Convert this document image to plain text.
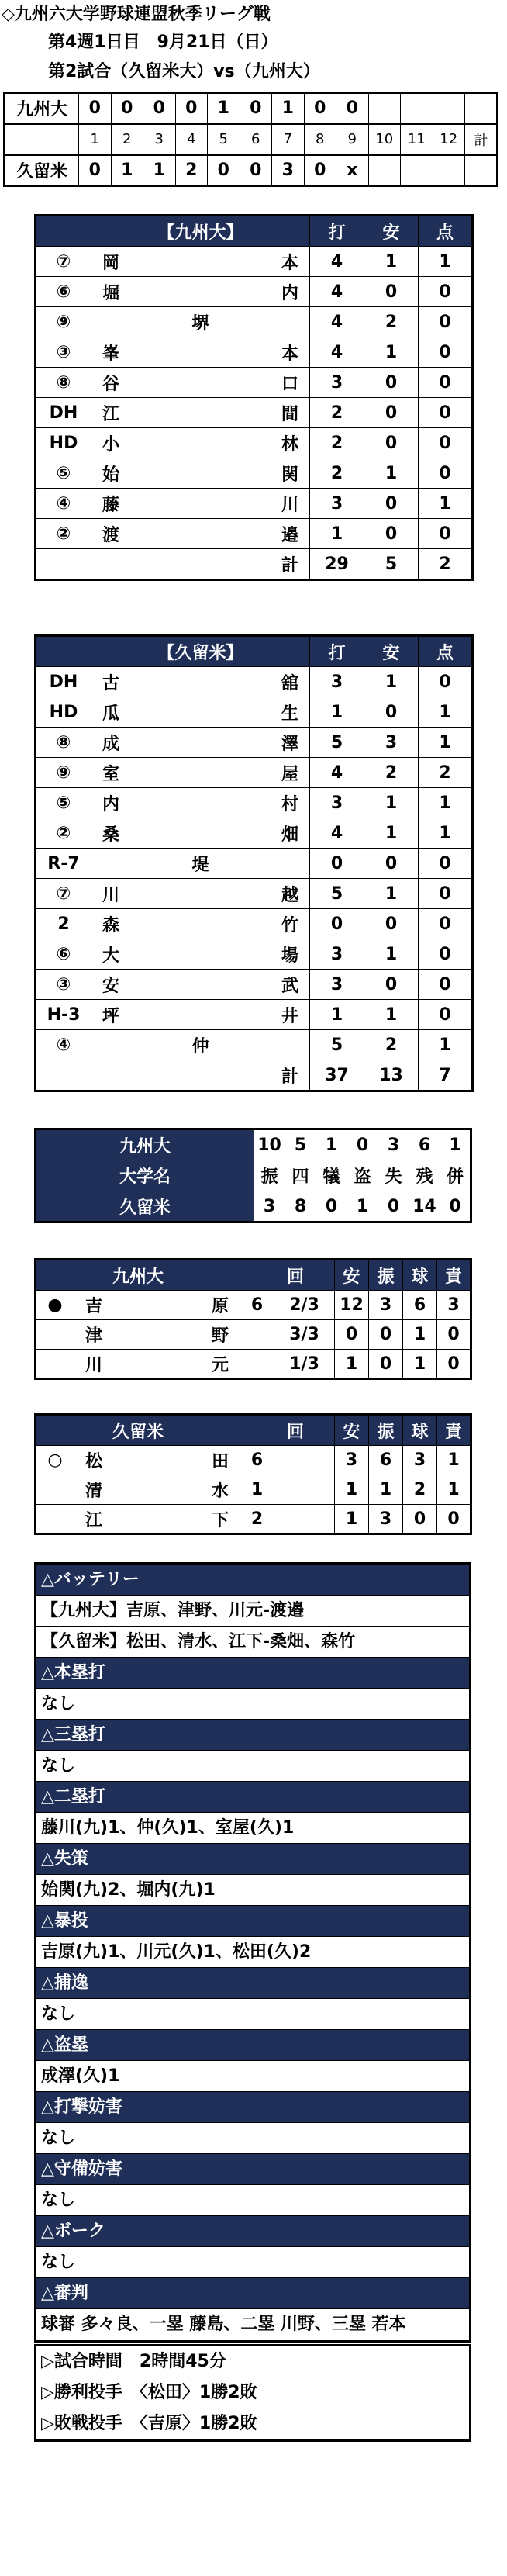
◇九州六大学野球連盟秋季リーグ戦
第4週1日目　9月21日（日）
第2試合（久留米大）vs（九州大）
九州大	0	0	0	0	1	0	1	0	0					
	1	2	3	4	5	6	7	8	9	10	11	12	計	
久留米	0	1	1	2	0	0	3	0	x					
	【九州大】	打	安	点
⑦	岡 本	4	1	1
⑥	堀 内	4	0	0
⑨	堺	4	2	0
③	峯 本	4	1	0
⑧	谷 口	3	0	0
DH	江 間	2	0	0
HD	小 林	2	0	0
⑤	始 関	2	1	0
④	藤 川	3	0	1
②	渡 邉	1	0	0
	計	29	5	2
	【久留米】	打	安	点
DH	古 舘	3	1	0
HD	瓜 生	1	0	1
⑧	成 澤	5	3	1
⑨	室 屋	4	2	2
⑤	内 村	3	1	1
②	桑 畑	4	1	1
R-7	堤	0	0	0
⑦	川 越	5	1	0
2	森 竹	0	0	0
⑥	大 場	3	1	0
③	安 武	3	0	0
H-3	坪 井	1	1	0
④	仲	5	2	1
	計	37	13	7
九州大	10	5	1	0	3	6	1
大学名	振	四	犠	盗	失	残	併
久留米	3	8	0	1	0	14	0
九州大		回		安	振	球	責
●	吉 原	6	2/3	12	3	6	3

	津 野		3/3	0	0	1	0

	川 元		1/3	1	0	1	0
久留米		回		安	振	球	責
○	松 田	6		3	6	3	1

	清 水	1		1	1	2	1

	江 下	2		1	3	0	0
△バッテリー
【九州大】吉原、津野、川元-渡邉
【久留米】松田、清水、江下-桑畑、森竹
△本塁打
なし
△三塁打
なし
△二塁打
藤川(九)1、仲(久)1、室屋(久)1
△失策
始関(九)2、堀内(九)1
△暴投
吉原(九)1、川元(久)1、松田(久)2
△捕逸
なし
△盗塁
成澤(久)1
△打撃妨害
なし
△守備妨害
なし
△ボーク
なし
△審判
球審 多々良、一塁 藤島、二塁 川野、三塁 若本
▷試合時間　2時間45分
▷勝利投手　〈松田〉1勝2敗
▷敗戦投手　〈吉原〉1勝2敗
